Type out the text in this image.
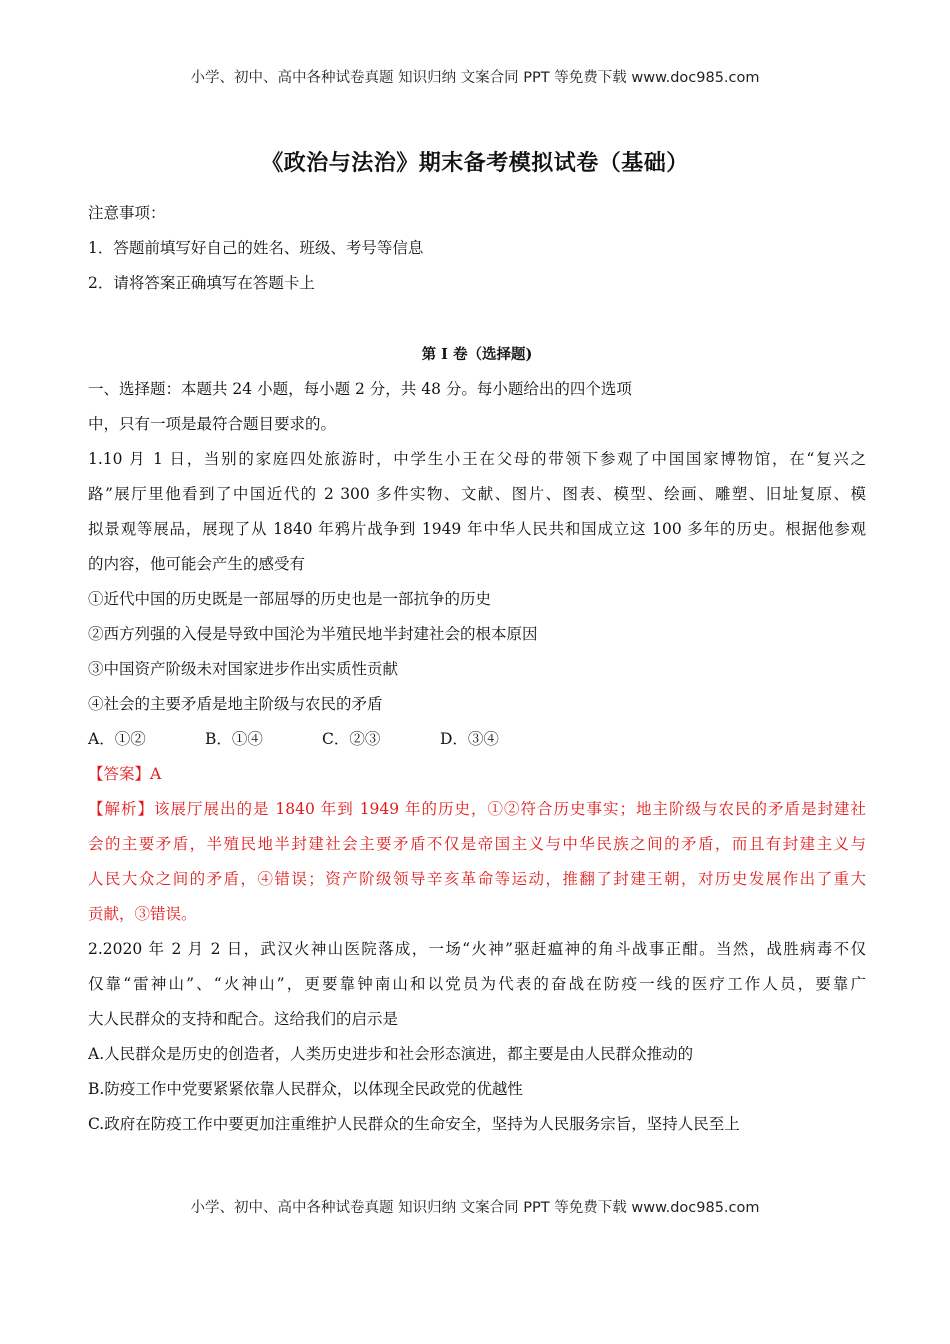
小学、初中、高中各种试卷真题 知识归纳 文案合同 PPT 等免费下载 www.doc985.com
《政治与法治》期末备考模拟试卷（基础）
注意事项：
1．答题前填写好自己的姓名、班级、考号等信息
2．请将答案正确填写在答题卡上
第 I 卷（选择题)
一、选择题：本题共 24 小题，每小题 2 分，共 48 分。每小题给出的四个选项
中，只有一项是最符合题目要求的。
1.10 月 1 日，当别的家庭四处旅游时，中学生小王在父母的带领下参观了中国国家博物馆，在“复兴之
路”展厅里他看到了中国近代的 2 300 多件实物、文献、图片、图表、模型、绘画、雕塑、旧址复原、模
拟景观等展品，展现了从 1840 年鸦片战争到 1949 年中华人民共和国成立这 100 多年的历史。根据他参观
的内容，他可能会产生的感受有
①近代中国的历史既是一部屈辱的历史也是一部抗争的历史
②西方列强的入侵是导致中国沦为半殖民地半封建社会的根本原因
③中国资产阶级未对国家进步作出实质性贡献
④社会的主要矛盾是地主阶级与农民的矛盾
A．①②	B．①④	C．②③	D．③④
【答案】A
【解析】该展厅展出的是 1840 年到 1949 年的历史，①②符合历史事实；地主阶级与农民的矛盾是封建社
会的主要矛盾，半殖民地半封建社会主要矛盾不仅是帝国主义与中华民族之间的矛盾，而且有封建主义与
人民大众之间的矛盾，④错误；资产阶级领导辛亥革命等运动，推翻了封建王朝，对历史发展作出了重大
贡献，③错误。
2.2020 年 2 月 2 日，武汉火神山医院落成，一场“火神”驱赶瘟神的角斗战事正酣。当然，战胜病毒不仅
仅靠“雷神山”、“火神山”，更要靠钟南山和以党员为代表的奋战在防疫一线的医疗工作人员，要靠广
大人民群众的支持和配合。这给我们的启示是
A.人民群众是历史的创造者，人类历史进步和社会形态演进，都主要是由人民群众推动的
B.防疫工作中党要紧紧依靠人民群众，以体现全民政党的优越性
C.政府在防疫工作中要更加注重维护人民群众的生命安全，坚持为人民服务宗旨，坚持人民至上
小学、初中、高中各种试卷真题 知识归纳 文案合同 PPT 等免费下载 www.doc985.com
